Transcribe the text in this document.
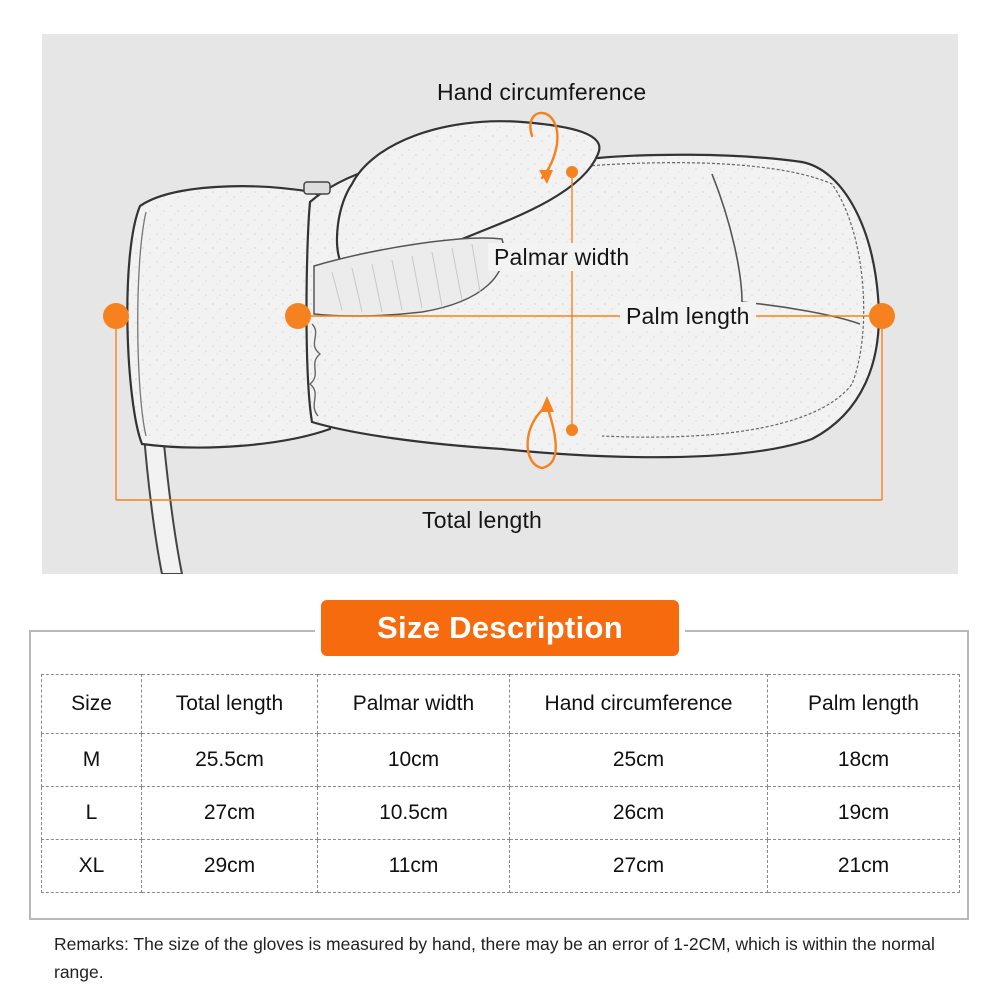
Hand circumference
Palmar width
Palm length
Total length
Size Description
Size	Total length	Palmar width	Hand circumference	Palm length
M	25.5cm	10cm	25cm	18cm
L	27cm	10.5cm	26cm	19cm
XL	29cm	11cm	27cm	21cm
Remarks: The size of the gloves is measured by hand, there may be an error of 1-2CM, which is within the normal range.
